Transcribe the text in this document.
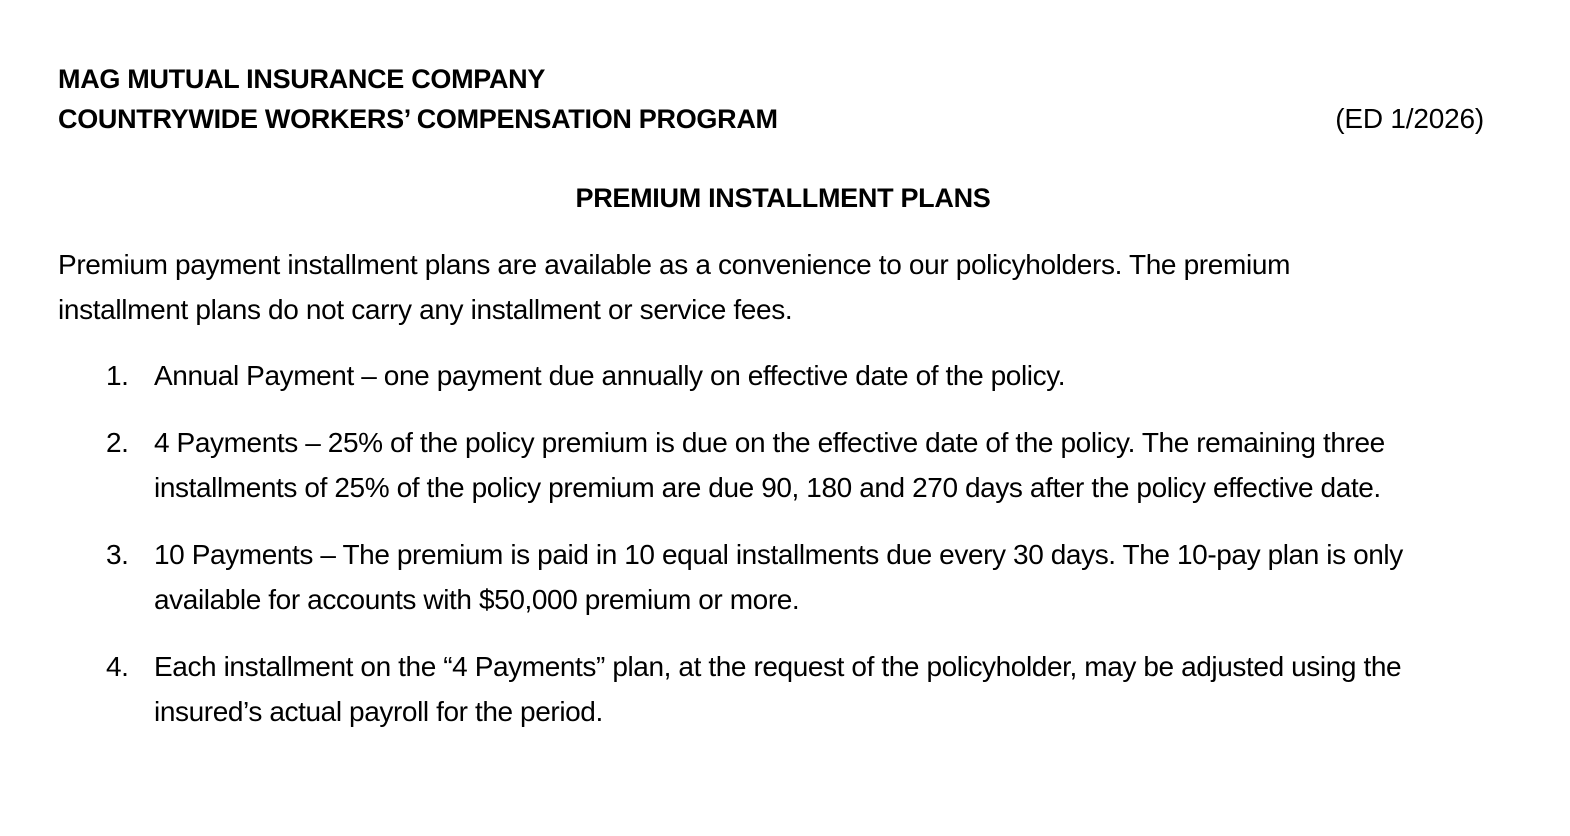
MAG MUTUAL INSURANCE COMPANY
COUNTRYWIDE WORKERS’ COMPENSATION PROGRAM	(ED 1/2026)
PREMIUM INSTALLMENT PLANS

Premium payment installment plans are available as a convenience to our policyholders. The premium installment plans do not carry any installment or service fees.

1. Annual Payment – one payment due annually on effective date of the policy.
2. 4 Payments – 25% of the policy premium is due on the effective date of the policy. The remaining three installments of 25% of the policy premium are due 90, 180 and 270 days after the policy effective date.
3. 10 Payments – The premium is paid in 10 equal installments due every 30 days. The 10-pay plan is only available for accounts with $50,000 premium or more.
4. Each installment on the “4 Payments” plan, at the request of the policyholder, may be adjusted using the insured’s actual payroll for the period.
